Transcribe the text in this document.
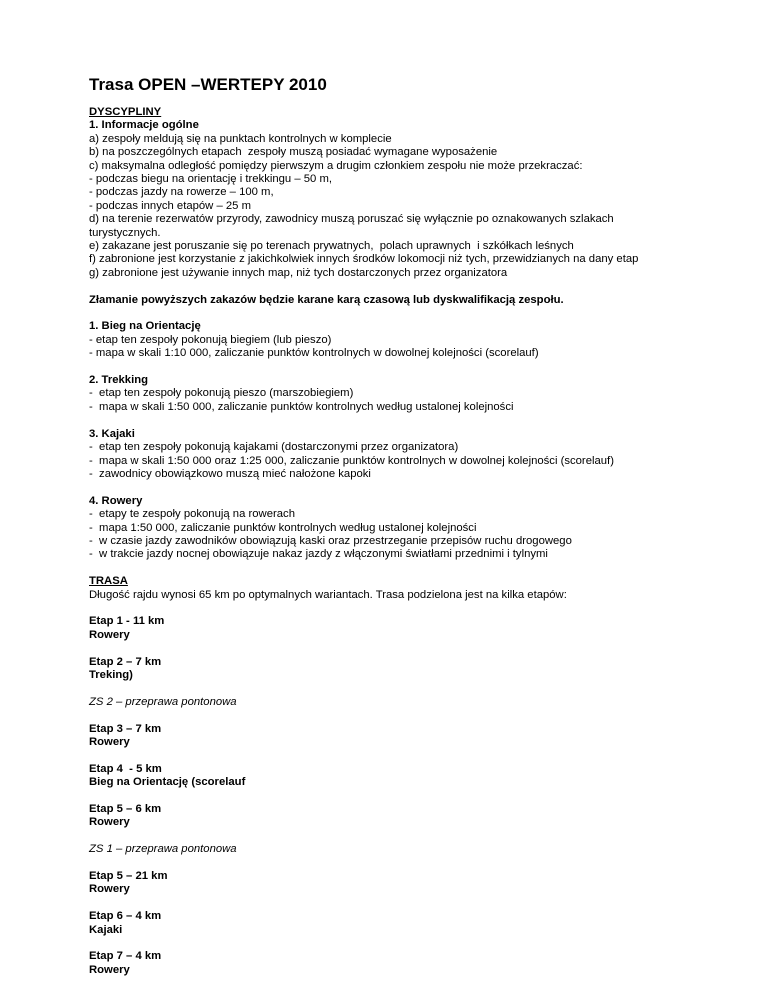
Trasa OPEN –WERTEPY 2010
DYSCYPLINY
1. Informacje ogólne
a) zespoły meldują się na punktach kontrolnych w komplecie
b) na poszczególnych etapach  zespoły muszą posiadać wymagane wyposażenie
c) maksymalna odległość pomiędzy pierwszym a drugim członkiem zespołu nie może przekraczać:
- podczas biegu na orientację i trekkingu – 50 m,
- podczas jazdy na rowerze – 100 m,
- podczas innych etapów – 25 m
d) na terenie rezerwatów przyrody, zawodnicy muszą poruszać się wyłącznie po oznakowanych szlakach
turystycznych.
e) zakazane jest poruszanie się po terenach prywatnych,  polach uprawnych  i szkółkach leśnych
f) zabronione jest korzystanie z jakichkolwiek innych środków lokomocji niż tych, przewidzianych na dany etap
g) zabronione jest używanie innych map, niż tych dostarczonych przez organizatora
Złamanie powyższych zakazów będzie karane karą czasową lub dyskwalifikacją zespołu.
1. Bieg na Orientację
- etap ten zespoły pokonują biegiem (lub pieszo)
- mapa w skali 1:10 000, zaliczanie punktów kontrolnych w dowolnej kolejności (scorelauf)
2. Trekking
-  etap ten zespoły pokonują pieszo (marszobiegiem)
-  mapa w skali 1:50 000, zaliczanie punktów kontrolnych według ustalonej kolejności
3. Kajaki
-  etap ten zespoły pokonują kajakami (dostarczonymi przez organizatora)
-  mapa w skali 1:50 000 oraz 1:25 000, zaliczanie punktów kontrolnych w dowolnej kolejności (scorelauf)
-  zawodnicy obowiązkowo muszą mieć nałożone kapoki
4. Rowery
-  etapy te zespoły pokonują na rowerach
-  mapa 1:50 000, zaliczanie punktów kontrolnych według ustalonej kolejności
-  w czasie jazdy zawodników obowiązują kaski oraz przestrzeganie przepisów ruchu drogowego
-  w trakcie jazdy nocnej obowiązuje nakaz jazdy z włączonymi światłami przednimi i tylnymi
TRASA
Długość rajdu wynosi 65 km po optymalnych wariantach. Trasa podzielona jest na kilka etapów:
Etap 1 - 11 km
Rowery
Etap 2 – 7 km
Treking)
ZS 2 – przeprawa pontonowa
Etap 3 – 7 km
Rowery
Etap 4  - 5 km
Bieg na Orientację (scorelauf
Etap 5 – 6 km
Rowery
ZS 1 – przeprawa pontonowa
Etap 5 – 21 km
Rowery
Etap 6 – 4 km
Kajaki
Etap 7 – 4 km
Rowery
